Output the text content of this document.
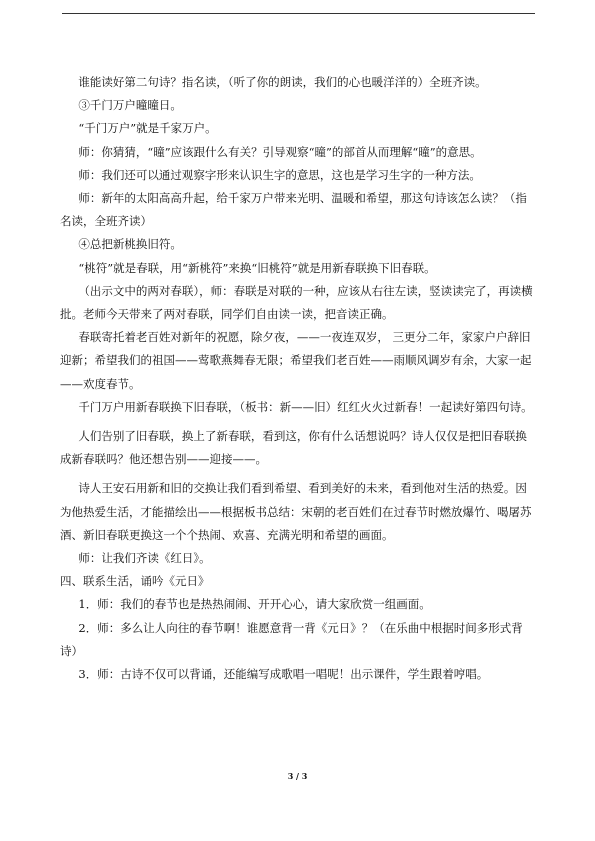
谁能读好第二句诗？指名读，（听了你的朗读，我们的心也暖洋洋的）全班齐读。

③千门万户曈曈日。

“千门万户”就是千家万户。

师：你猜猜，“曈”应该跟什么有关？引导观察“曈”的部首从而理解“曈”的意思。

师：我们还可以通过观察字形来认识生字的意思，这也是学习生字的一种方法。

师：新年的太阳高高升起，给千家万户带来光明、温暖和希望，那这句诗该怎么读？（指名读，全班齐读）

④总把新桃换旧符。

“桃符”就是春联，用“新桃符”来换“旧桃符”就是用新春联换下旧春联。

（出示文中的两对春联），师：春联是对联的一种，应该从右往左读，竖读读完了，再读横批。老师今天带来了两对春联，同学们自由读一读，把音读正确。

春联寄托着老百姓对新年的祝愿，除夕夜，——一夜连双岁， 三更分二年，家家户户辞旧迎新；希望我们的祖国——莺歌燕舞春无限；希望我们老百姓——雨顺风调岁有余，大家一起——欢度春节。

千门万户用新春联换下旧春联，（板书：新——旧）红红火火过新春！一起读好第四句诗。

人们告别了旧春联，换上了新春联，看到这，你有什么话想说吗？诗人仅仅是把旧春联换成新春联吗？他还想告别——迎接——。

诗人王安石用新和旧的交换让我们看到希望、看到美好的未来，看到他对生活的热爱。因为他热爱生活，才能描绘出——根据板书总结：宋朝的老百姓们在过春节时燃放爆竹、喝屠苏酒、新旧春联更换这一个个热闹、欢喜、充满光明和希望的画面。

师：让我们齐读《红日》。

四、联系生活，诵吟《元日》

1．师：我们的春节也是热热闹闹、开开心心，请大家欣赏一组画面。

2．师：多么让人向往的春节啊！谁愿意背一背《元日》？（在乐曲中根据时间多形式背诗）

3．师：古诗不仅可以背诵，还能编写成歌唱一唱呢！出示课件，学生跟着哼唱。

3 / 3
